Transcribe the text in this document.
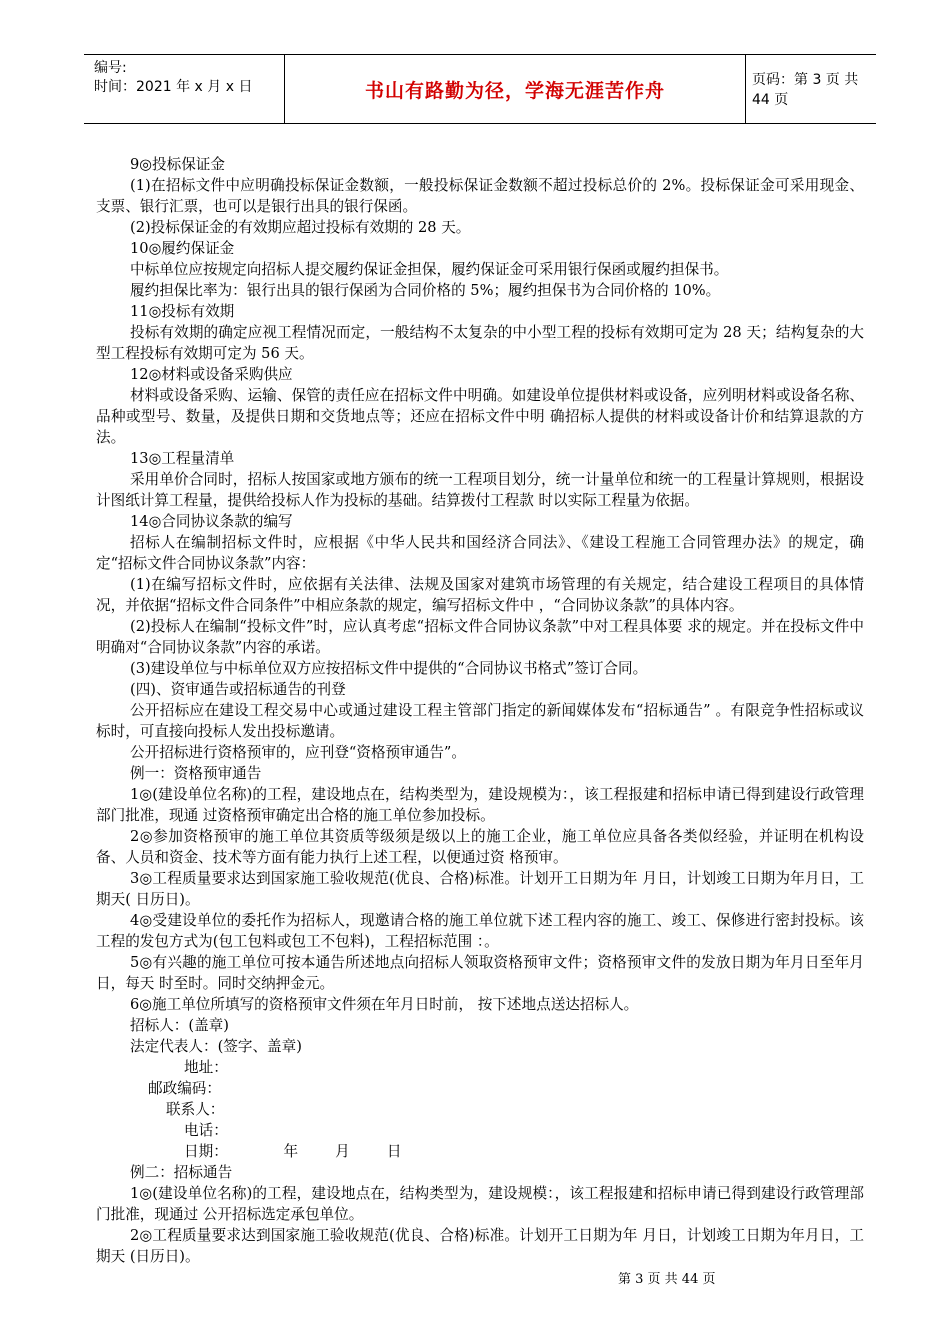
编号:
时间：2021 年 x 月 x 日	书山有路勤为径，学海无涯苦作舟	页码：第 3 页 共 44 页

9◎投标保证金

(1)在招标文件中应明确投标保证金数额，一般投标保证金数额不超过投标总价的 2%。投标保证金可采用现金、支票、银行汇票，也可以是银行出具的银行保函。

(2)投标保证金的有效期应超过投标有效期的 28 天。

10◎履约保证金

中标单位应按规定向招标人提交履约保证金担保，履约保证金可采用银行保函或履约担保书。

履约担保比率为：银行出具的银行保函为合同价格的 5%；履约担保书为合同价格的 10%。

11◎投标有效期

投标有效期的确定应视工程情况而定，一般结构不太复杂的中小型工程的投标有效期可定为 28 天；结构复杂的大型工程投标有效期可定为 56 天。

12◎材料或设备采购供应

材料或设备采购、运输、保管的责任应在招标文件中明确。如建设单位提供材料或设备，应列明材料或设备名称、品种或型号、数量，及提供日期和交货地点等；还应在招标文件中明 确招标人提供的材料或设备计价和结算退款的方法。

13◎工程量清单

采用单价合同时，招标人按国家或地方颁布的统一工程项目划分，统一计量单位和统一的工程量计算规则，根据设计图纸计算工程量，提供给投标人作为投标的基础。结算拨付工程款 时以实际工程量为依据。

14◎合同协议条款的编写

招标人在编制招标文件时，应根据《中华人民共和国经济合同法》、《建设工程施工合同管理办法》的规定，确定“招标文件合同协议条款”内容：

(1)在编写招标文件时，应依据有关法律、法规及国家对建筑市场管理的有关规定，结合建设工程项目的具体情况，并依据“招标文件合同条件”中相应条款的规定，编写招标文件中 ，“合同协议条款”的具体内容。

(2)投标人在编制“投标文件”时，应认真考虑“招标文件合同协议条款”中对工程具体要 求的规定。并在投标文件中明确对“合同协议条款”内容的承诺。

(3)建设单位与中标单位双方应按招标文件中提供的“合同协议书格式”签订合同。

(四)、资审通告或招标通告的刊登

公开招标应在建设工程交易中心或通过建设工程主管部门指定的新闻媒体发布“招标通告” 。有限竞争性招标或议标时，可直接向投标人发出投标邀请。

公开招标进行资格预审的，应刊登“资格预审通告”。

例一：资格预审通告

1◎(建设单位名称)的工程，建设地点在，结构类型为，建设规模为：，该工程报建和招标申请已得到建设行政管理部门批准，现通 过资格预审确定出合格的施工单位参加投标。

2◎参加资格预审的施工单位其资质等级须是级以上的施工企业，施工单位应具备各类似经验，并证明在机构设备、人员和资金、技术等方面有能力执行上述工程，以便通过资 格预审。

3◎工程质量要求达到国家施工验收规范(优良、合格)标准。计划开工日期为年 月日，计划竣工日期为年月日，工期天( 日历日)。

4◎受建设单位的委托作为招标人，现邀请合格的施工单位就下述工程内容的施工、竣工、保修进行密封投标。该工程的发包方式为(包工包料或包工不包料)，工程招标范围 ：。

5◎有兴趣的施工单位可按本通告所述地点向招标人领取资格预审文件；资格预审文件的发放日期为年月日至年月日，每天 时至时。同时交纳押金元。

6◎施工单位所填写的资格预审文件须在年月日时前， 按下述地点送达招标人。

招标人：(盖章)

法定代表人：(签字、盖章)

地址：

邮政编码：

联系人：

电话：

日期：            年        月        日

例二：招标通告

1◎(建设单位名称)的工程，建设地点在，结构类型为，建设规模：，该工程报建和招标申请已得到建设行政管理部门批准，现通过 公开招标选定承包单位。

2◎工程质量要求达到国家施工验收规范(优良、合格)标准。计划开工日期为年 月日，计划竣工日期为年月日，工期天 (日历日)。

第 3 页 共 44 页
